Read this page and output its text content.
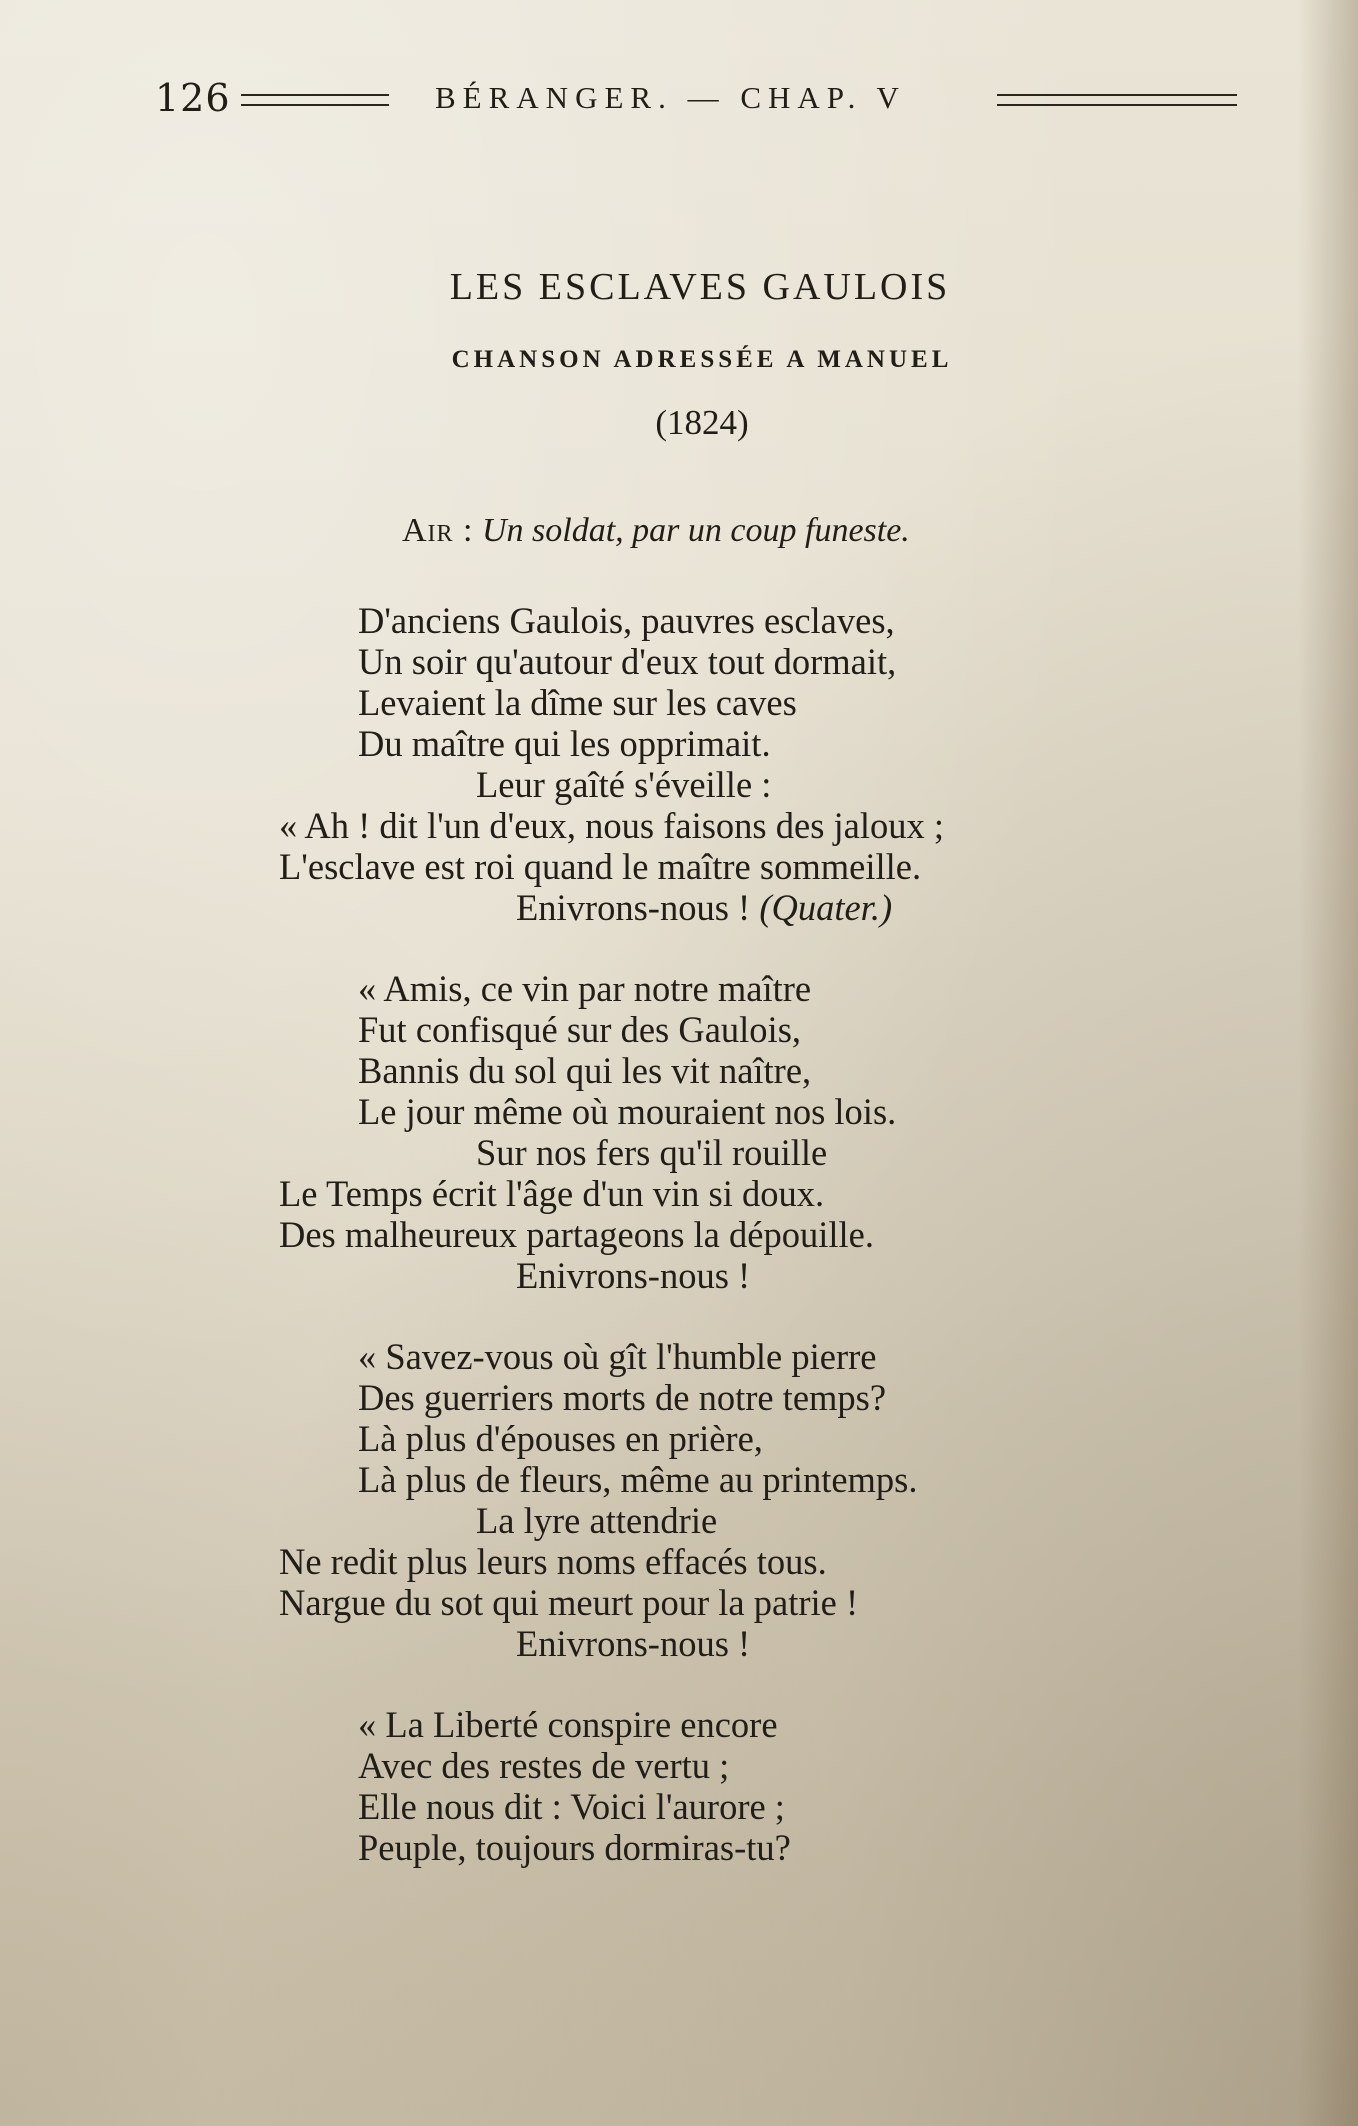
126	BÉRANGER. — CHAP. V
LES ESCLAVES GAULOIS
CHANSON ADRESSÉE A MANUEL
(1824)
Air : Un soldat, par un coup funeste.
D'anciens Gaulois, pauvres esclaves,
Un soir qu'autour d'eux tout dormait,
Levaient la dîme sur les caves
Du maître qui les opprimait.
Leur gaîté s'éveille :
« Ah ! dit l'un d'eux, nous faisons des jaloux ;
L'esclave est roi quand le maître sommeille.
Enivrons-nous ! (Quater.)
« Amis, ce vin par notre maître
Fut confisqué sur des Gaulois,
Bannis du sol qui les vit naître,
Le jour même où mouraient nos lois.
Sur nos fers qu'il rouille
Le Temps écrit l'âge d'un vin si doux.
Des malheureux partageons la dépouille.
Enivrons-nous !
« Savez-vous où gît l'humble pierre
Des guerriers morts de notre temps?
Là plus d'épouses en prière,
Là plus de fleurs, même au printemps.
La lyre attendrie
Ne redit plus leurs noms effacés tous.
Nargue du sot qui meurt pour la patrie !
Enivrons-nous !
« La Liberté conspire encore
Avec des restes de vertu ;
Elle nous dit : Voici l'aurore ;
Peuple, toujours dormiras-tu?
